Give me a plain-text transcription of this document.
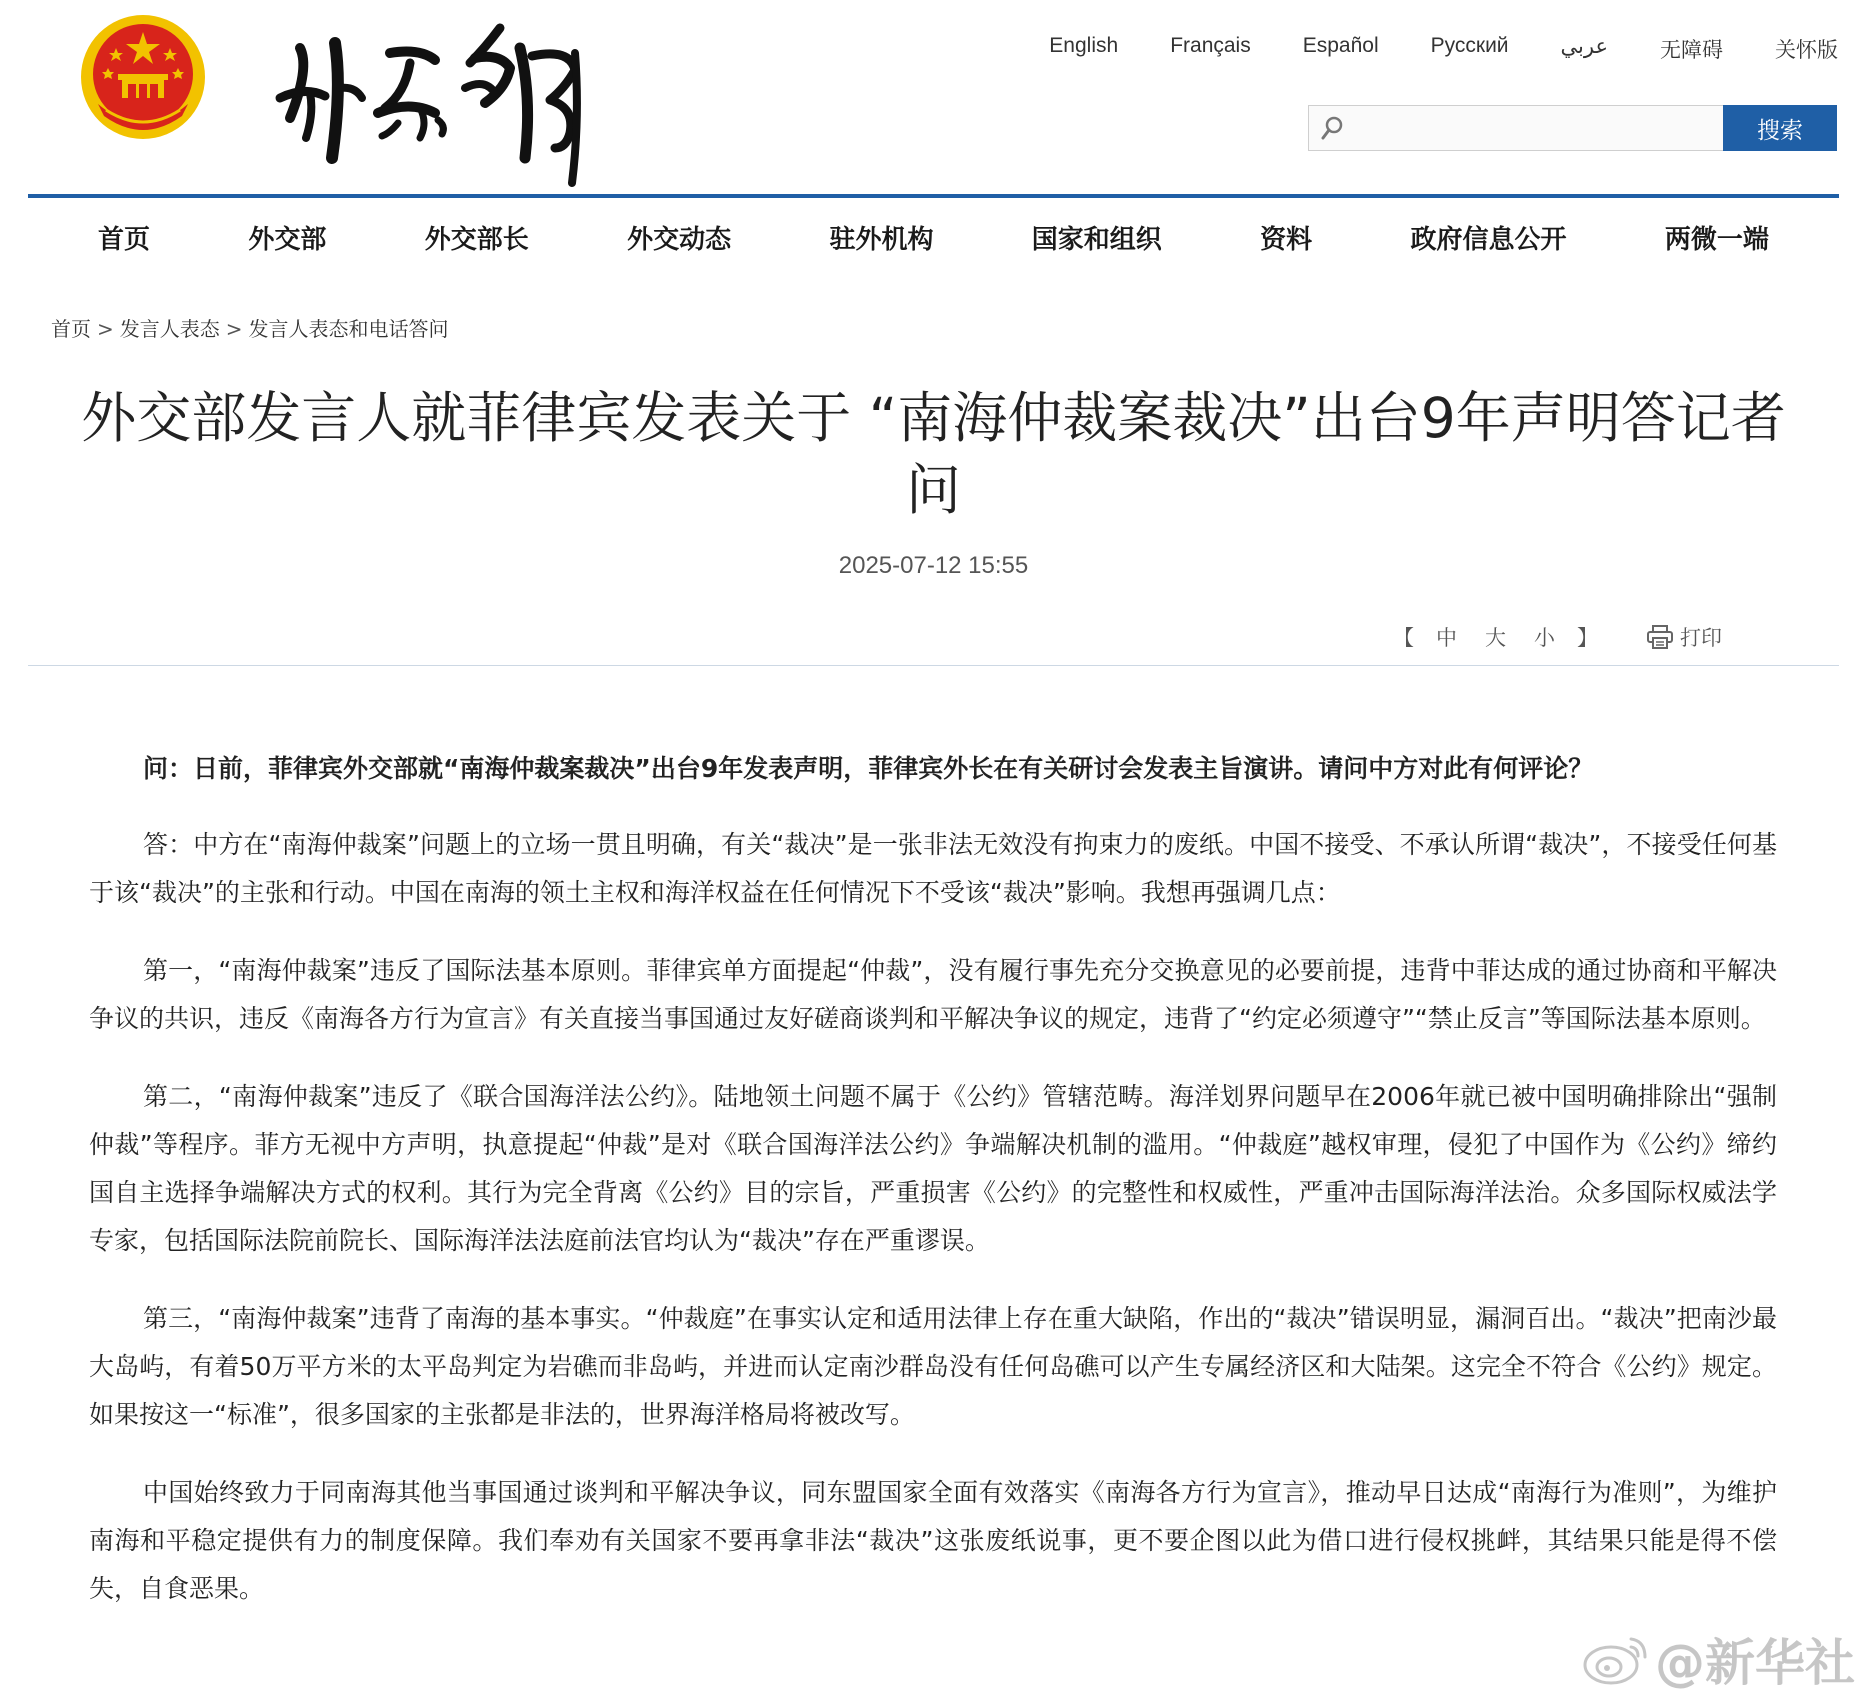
English Français Español Русский عربي 无障碍 关怀版
搜索
首页	外交部	外交部长	外交动态	驻外机构	国家和组织	资料	政府信息公开	两微一端
首页 > 发言人表态 > 发言人表态和电话答问
外交部发言人就菲律宾发表关于 “南海仲裁案裁决”出台9年声明答记者问
2025-07-12 15:55
【 中 大 小 】	打印

问：日前，菲律宾外交部就“南海仲裁案裁决”出台9年发表声明，菲律宾外长在有关研讨会发表主旨演讲。请问中方对此有何评论？

答：中方在“南海仲裁案”问题上的立场一贯且明确，有关“裁决”是一张非法无效没有拘束力的废纸。中国不接受、不承认所谓“裁决”，不接受任何基于该“裁决”的主张和行动。中国在南海的领土主权和海洋权益在任何情况下不受该“裁决”影响。我想再强调几点：

第一，“南海仲裁案”违反了国际法基本原则。菲律宾单方面提起“仲裁”，没有履行事先充分交换意见的必要前提，违背中菲达成的通过协商和平解决争议的共识，违反《南海各方行为宣言》有关直接当事国通过友好磋商谈判和平解决争议的规定，违背了“约定必须遵守”“禁止反言”等国际法基本原则。

第二，“南海仲裁案”违反了《联合国海洋法公约》。陆地领土问题不属于《公约》管辖范畴。海洋划界问题早在2006年就已被中国明确排除出“强制仲裁”等程序。菲方无视中方声明，执意提起“仲裁”是对《联合国海洋法公约》争端解决机制的滥用。“仲裁庭”越权审理，侵犯了中国作为《公约》缔约国自主选择争端解决方式的权利。其行为完全背离《公约》目的宗旨，严重损害《公约》的完整性和权威性，严重冲击国际海洋法治。众多国际权威法学专家，包括国际法院前院长、国际海洋法法庭前法官均认为“裁决”存在严重谬误。

第三，“南海仲裁案”违背了南海的基本事实。“仲裁庭”在事实认定和适用法律上存在重大缺陷，作出的“裁决”错误明显，漏洞百出。“裁决”把南沙最大岛屿，有着50万平方米的太平岛判定为岩礁而非岛屿，并进而认定南沙群岛没有任何岛礁可以产生专属经济区和大陆架。这完全不符合《公约》规定。如果按这一“标准”，很多国家的主张都是非法的，世界海洋格局将被改写。

中国始终致力于同南海其他当事国通过谈判和平解决争议，同东盟国家全面有效落实《南海各方行为宣言》，推动早日达成“南海行为准则”，为维护南海和平稳定提供有力的制度保障。我们奉劝有关国家不要再拿非法“裁决”这张废纸说事，更不要企图以此为借口进行侵权挑衅，其结果只能是得不偿失，自食恶果。

@新华社
